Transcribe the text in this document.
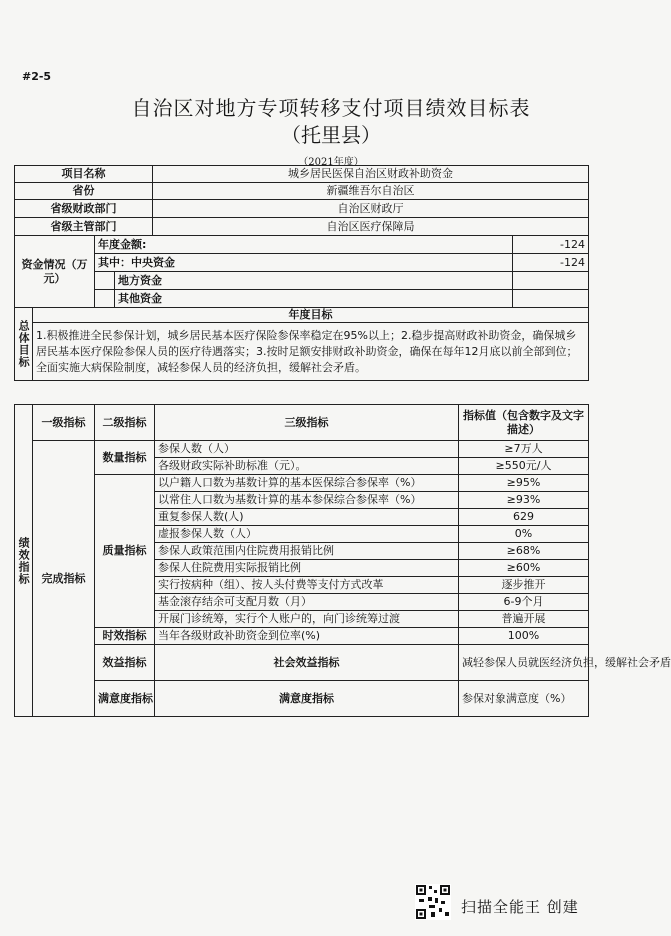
#2-5
自治区对地方专项转移支付项目绩效目标表
（托里县）
（2021年度）
项目名称				城乡居民医保自治区财政补助资金	
省份				新疆维吾尔自治区	
省级财政部门				自治区财政厅	
省级主管部门				自治区医疗保障局	
资金情况（万元）		年度金额:			-124
		其中：中央资金			-124
			地方资金		
			其他资金		
总体目标	年度目标				
	1.积极推进全民参保计划，城乡居民基本医疗保险参保率稳定在95%以上；2.稳步提高财政补助资金，确保城乡居民基本医疗保险参保人员的医疗待遇落实；3.按时足额安排财政补助资金，确保在每年12月底以前全部到位；全面实施大病保险制度，减轻参保人员的经济负担，缓解社会矛盾。				
绩效指标	一级指标	二级指标	三级指标	指标值（包含数字及文字描述）	
	完成指标	数量指标	参保人数（人）	≥7万人	
			各级财政实际补助标准（元）。	≥550元/人	
		质量指标	以户籍人口数为基数计算的基本医保综合参保率（%）	≥95%	
			以常住人口数为基数计算的基本参保综合参保率（%）	≥93%	
			重复参保人数(人)	629	
			虚报参保人数（人）	0%	
			参保人政策范围内住院费用报销比例	≥68%	
			参保人住院费用实际报销比例	≥60%	
			实行按病种（组）、按人头付费等支付方式改革	逐步推开	
			基金滚存结余可支配月数（月）	6-9个月	
			开展门诊统筹，实行个人账户的，向门诊统筹过渡	普遍开展	
		时效指标	当年各级财政补助资金到位率(%)	100%	
		效益指标	社会效益指标	减轻参保人员就医经济负担，缓解社会矛盾	
		满意度指标	满意度指标	参保对象满意度（%）	
扫描全能王 创建
